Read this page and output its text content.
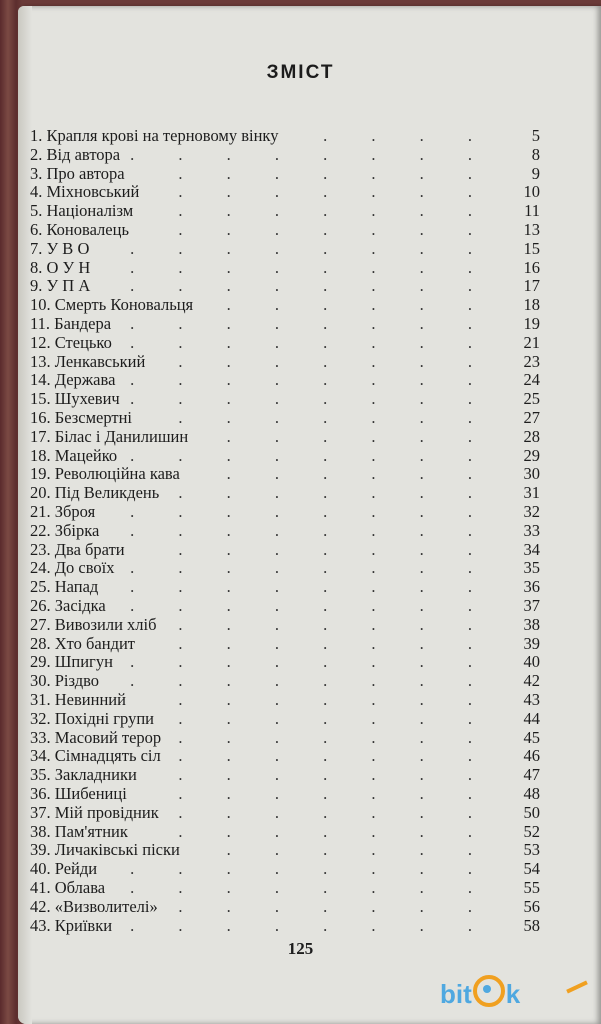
ЗМІСТ
1. Крапля крові на терновому вінку	. . . .	5
2. Від автора . . . . . . . .	8
3. Про автора	. . . . . . .	9
4. Міхновський . . . . . . .	10
5. Націоналізм	. . . . . . .	11
6. Коновалець	. . . . . . .	13
7. У В О . . . . . . . .	15
8. О У Н . . . . . . . .	16
9. У П А . . . . . . . .	17
10. Смерть Коновальця . . . . . .	18
11. Бандера . . . . . . . .	19
12. Стецько . . . . . . . .	21
13. Ленкавський . . . . . . .	23
14. Держава . . . . . . . .	24
15. Шухевич . . . . . . . .	25
16. Безсмертні	. . . . . . .	27
17. Білас і Данилишин . . . . . .	28
18. Мацейко . . . . . . . .	29
19. Революційна кава	. . . . . .	30
20. Під Великдень . . . . . . .	31
21. Зброя . . . . . . . .	32
22. Збірка . . . . . . . .	33
23. Два брати	. . . . . . .	34
24. До своїх . . . . . . . .	35
25. Напад . . . . . . . .	36
26. Засідка . . . . . . . .	37
27. Вивозили хліб . . . . . . .	38
28. Хто бандит	. . . . . . .	39
29. Шпигун . . . . . . . .	40
30. Різдво . . . . . . . .	42
31. Невинний	. . . . . . .	43
32. Похідні групи . . . . . . .	44
33. Масовий терор . . . . . . .	45
34. Сімнадцять сіл . . . . . . .	46
35. Закладники	. . . . . . .	47
36. Шибениці	. . . . . . .	48
37. Мій провідник . . . . . . .	50
38. Пам'ятник	. . . . . . .	52
39. Личаківські піски	. . . . . .	53
40. Рейди . . . . . . . .	54
41. Облава . . . . . . . .	55
42. «Визволителі» . . . . . . .	56
43. Криївки . . . . . . . .	58
125
bit k
